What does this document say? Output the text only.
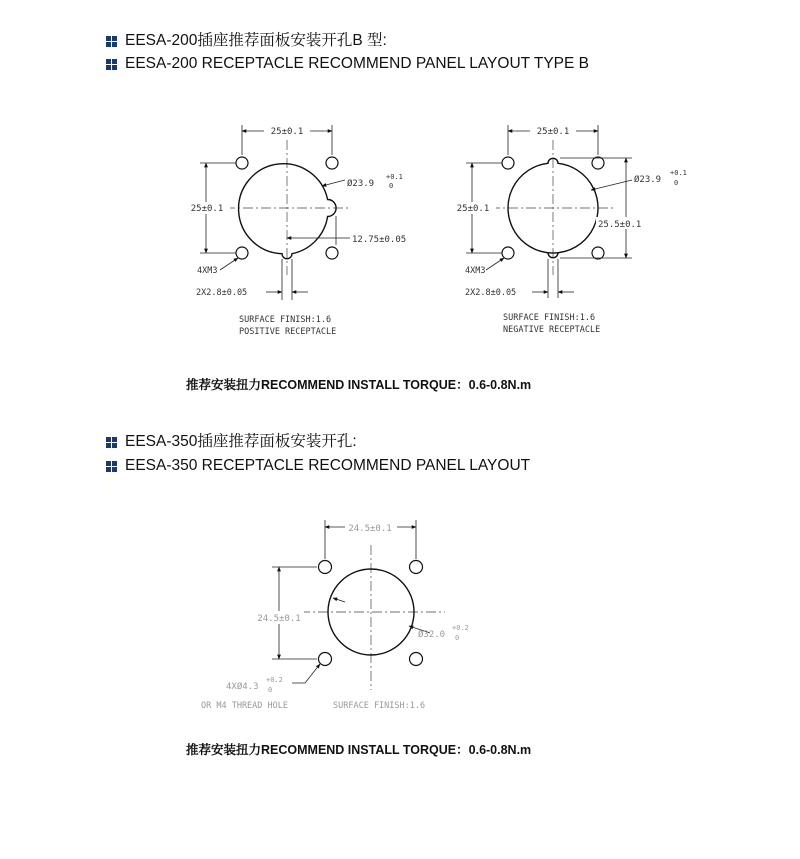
EESA-200插座推荐面板安装开孔B 型:
EESA-200 RECEPTACLE RECOMMEND PANEL LAYOUT TYPE B
EESA-350插座推荐面板安装开孔:
EESA-350 RECEPTACLE RECOMMEND PANEL LAYOUT
推荐安装扭力RECOMMEND INSTALL TORQUE：0.6-0.8N.m
推荐安装扭力RECOMMEND INSTALL TORQUE：0.6-0.8N.m
25±0.1
25±0.1
Ø23.9
+0.1
0
12.75±0.05
4XM3
2X2.8±0.05
SURFACE FINISH:1.6
POSITIVE RECEPTACLE
25±0.1
25±0.1
Ø23.9
+0.1
0
25.5±0.1
4XM3
2X2.8±0.05
SURFACE FINISH:1.6
NEGATIVE RECEPTACLE
24.5±0.1
24.5±0.1
Ø32.0
+0.2
0
4XØ4.3
+0.2
0
OR M4 THREAD HOLE	SURFACE FINISH:1.6
